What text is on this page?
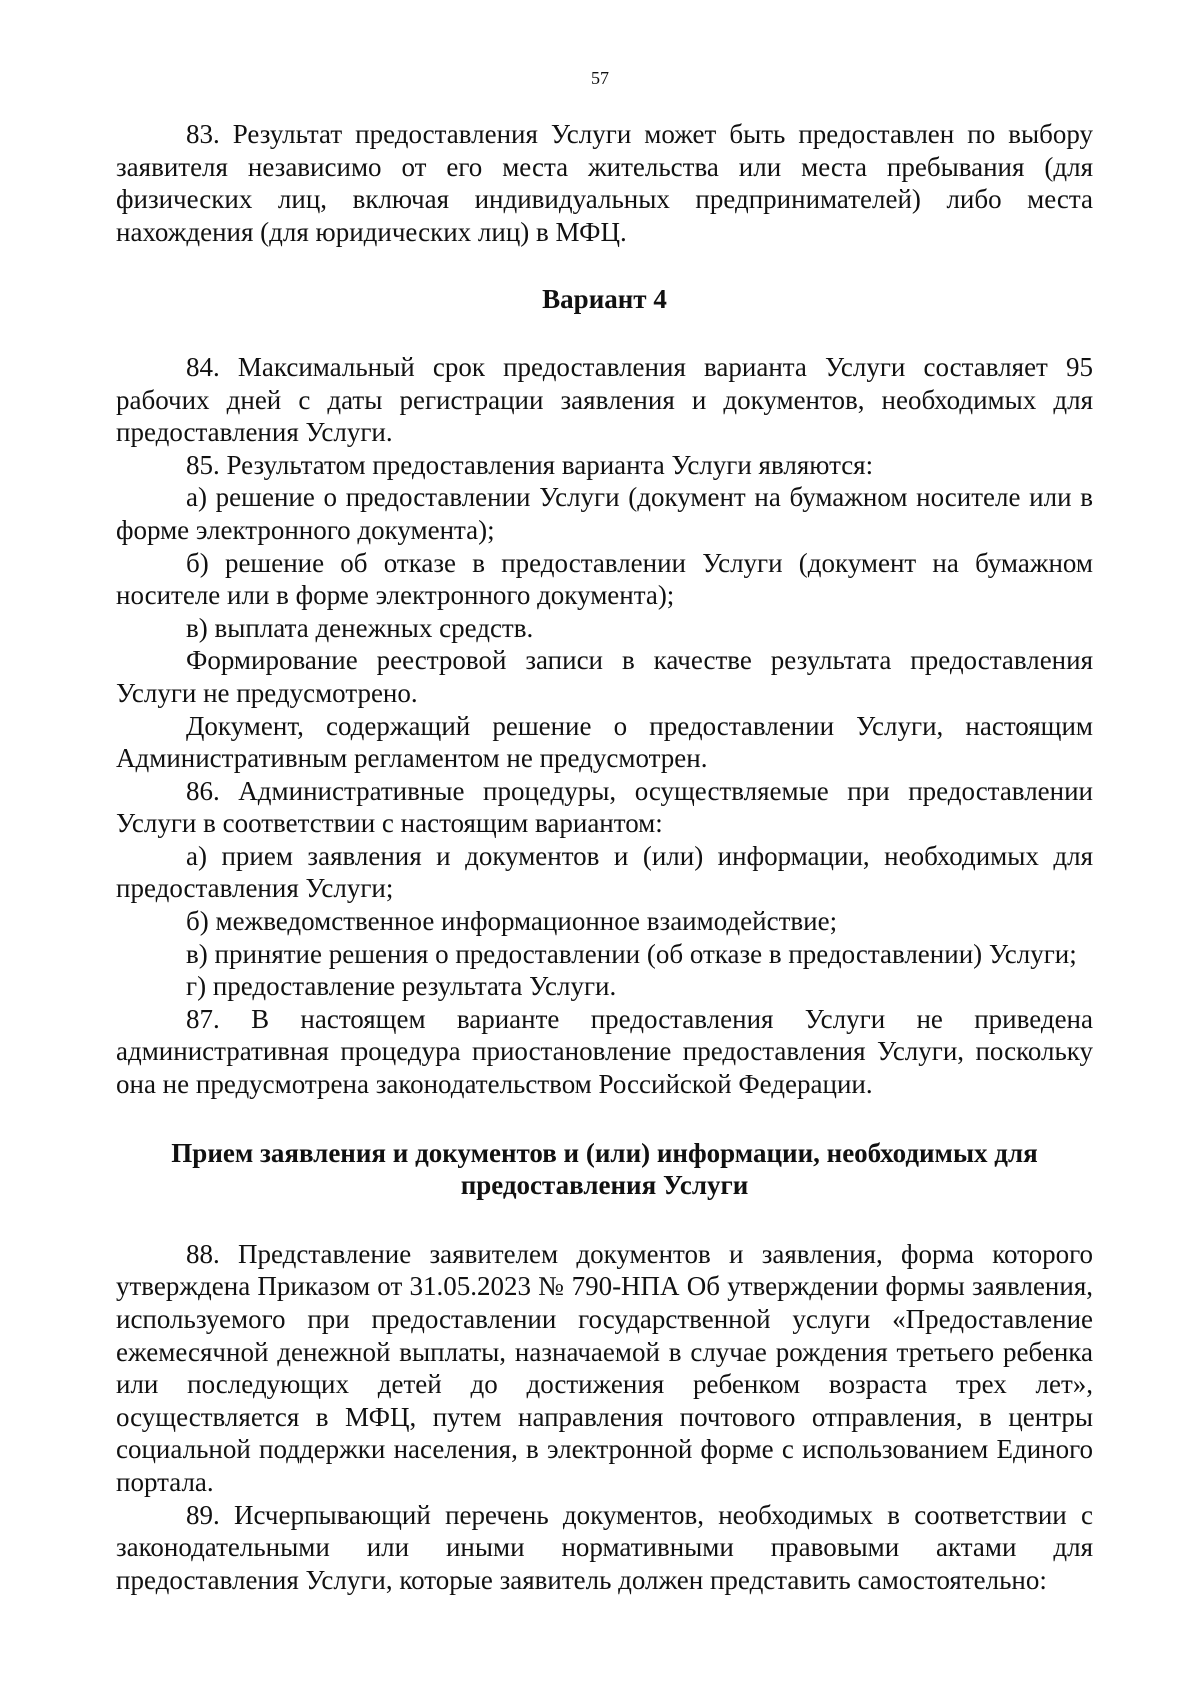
57

83. Результат предоставления Услуги может быть предоставлен по выбору заявителя независимо от его места жительства или места пребывания (для физических лиц, включая индивидуальных предпринимателей) либо места нахождения (для юридических лиц) в МФЦ.

Вариант 4

84. Максимальный срок предоставления варианта Услуги составляет 95 рабочих дней с даты регистрации заявления и документов, необходимых для предоставления Услуги.

85. Результатом предоставления варианта Услуги являются:

а) решение о предоставлении Услуги (документ на бумажном носителе или в форме электронного документа);

б) решение об отказе в предоставлении Услуги (документ на бумажном носителе или в форме электронного документа);

в) выплата денежных средств.

Формирование реестровой записи в качестве результата предоставления Услуги не предусмотрено.

Документ, содержащий решение о предоставлении Услуги, настоящим Административным регламентом не предусмотрен.

86. Административные процедуры, осуществляемые при предоставлении Услуги в соответствии с настоящим вариантом:

а) прием заявления и документов и (или) информации, необходимых для предоставления Услуги;

б) межведомственное информационное взаимодействие;

в) принятие решения о предоставлении (об отказе в предоставлении) Услуги;

г) предоставление результата Услуги.

87. В настоящем варианте предоставления Услуги не приведена административная процедура приостановление предоставления Услуги, поскольку она не предусмотрена законодательством Российской Федерации.

Прием заявления и документов и (или) информации, необходимых для предоставления Услуги

88. Представление заявителем документов и заявления, форма которого утверждена Приказом от 31.05.2023 № 790-НПА Об утверждении формы заявления, используемого при предоставлении государственной услуги «Предоставление ежемесячной денежной выплаты, назначаемой в случае рождения третьего ребенка или последующих детей до достижения ребенком возраста трех лет», осуществляется в МФЦ, путем направления почтового отправления, в центры социальной поддержки населения, в электронной форме с использованием Единого портала.

89. Исчерпывающий перечень документов, необходимых в соответствии с законодательными или иными нормативными правовыми актами для предоставления Услуги, которые заявитель должен представить самостоятельно:
